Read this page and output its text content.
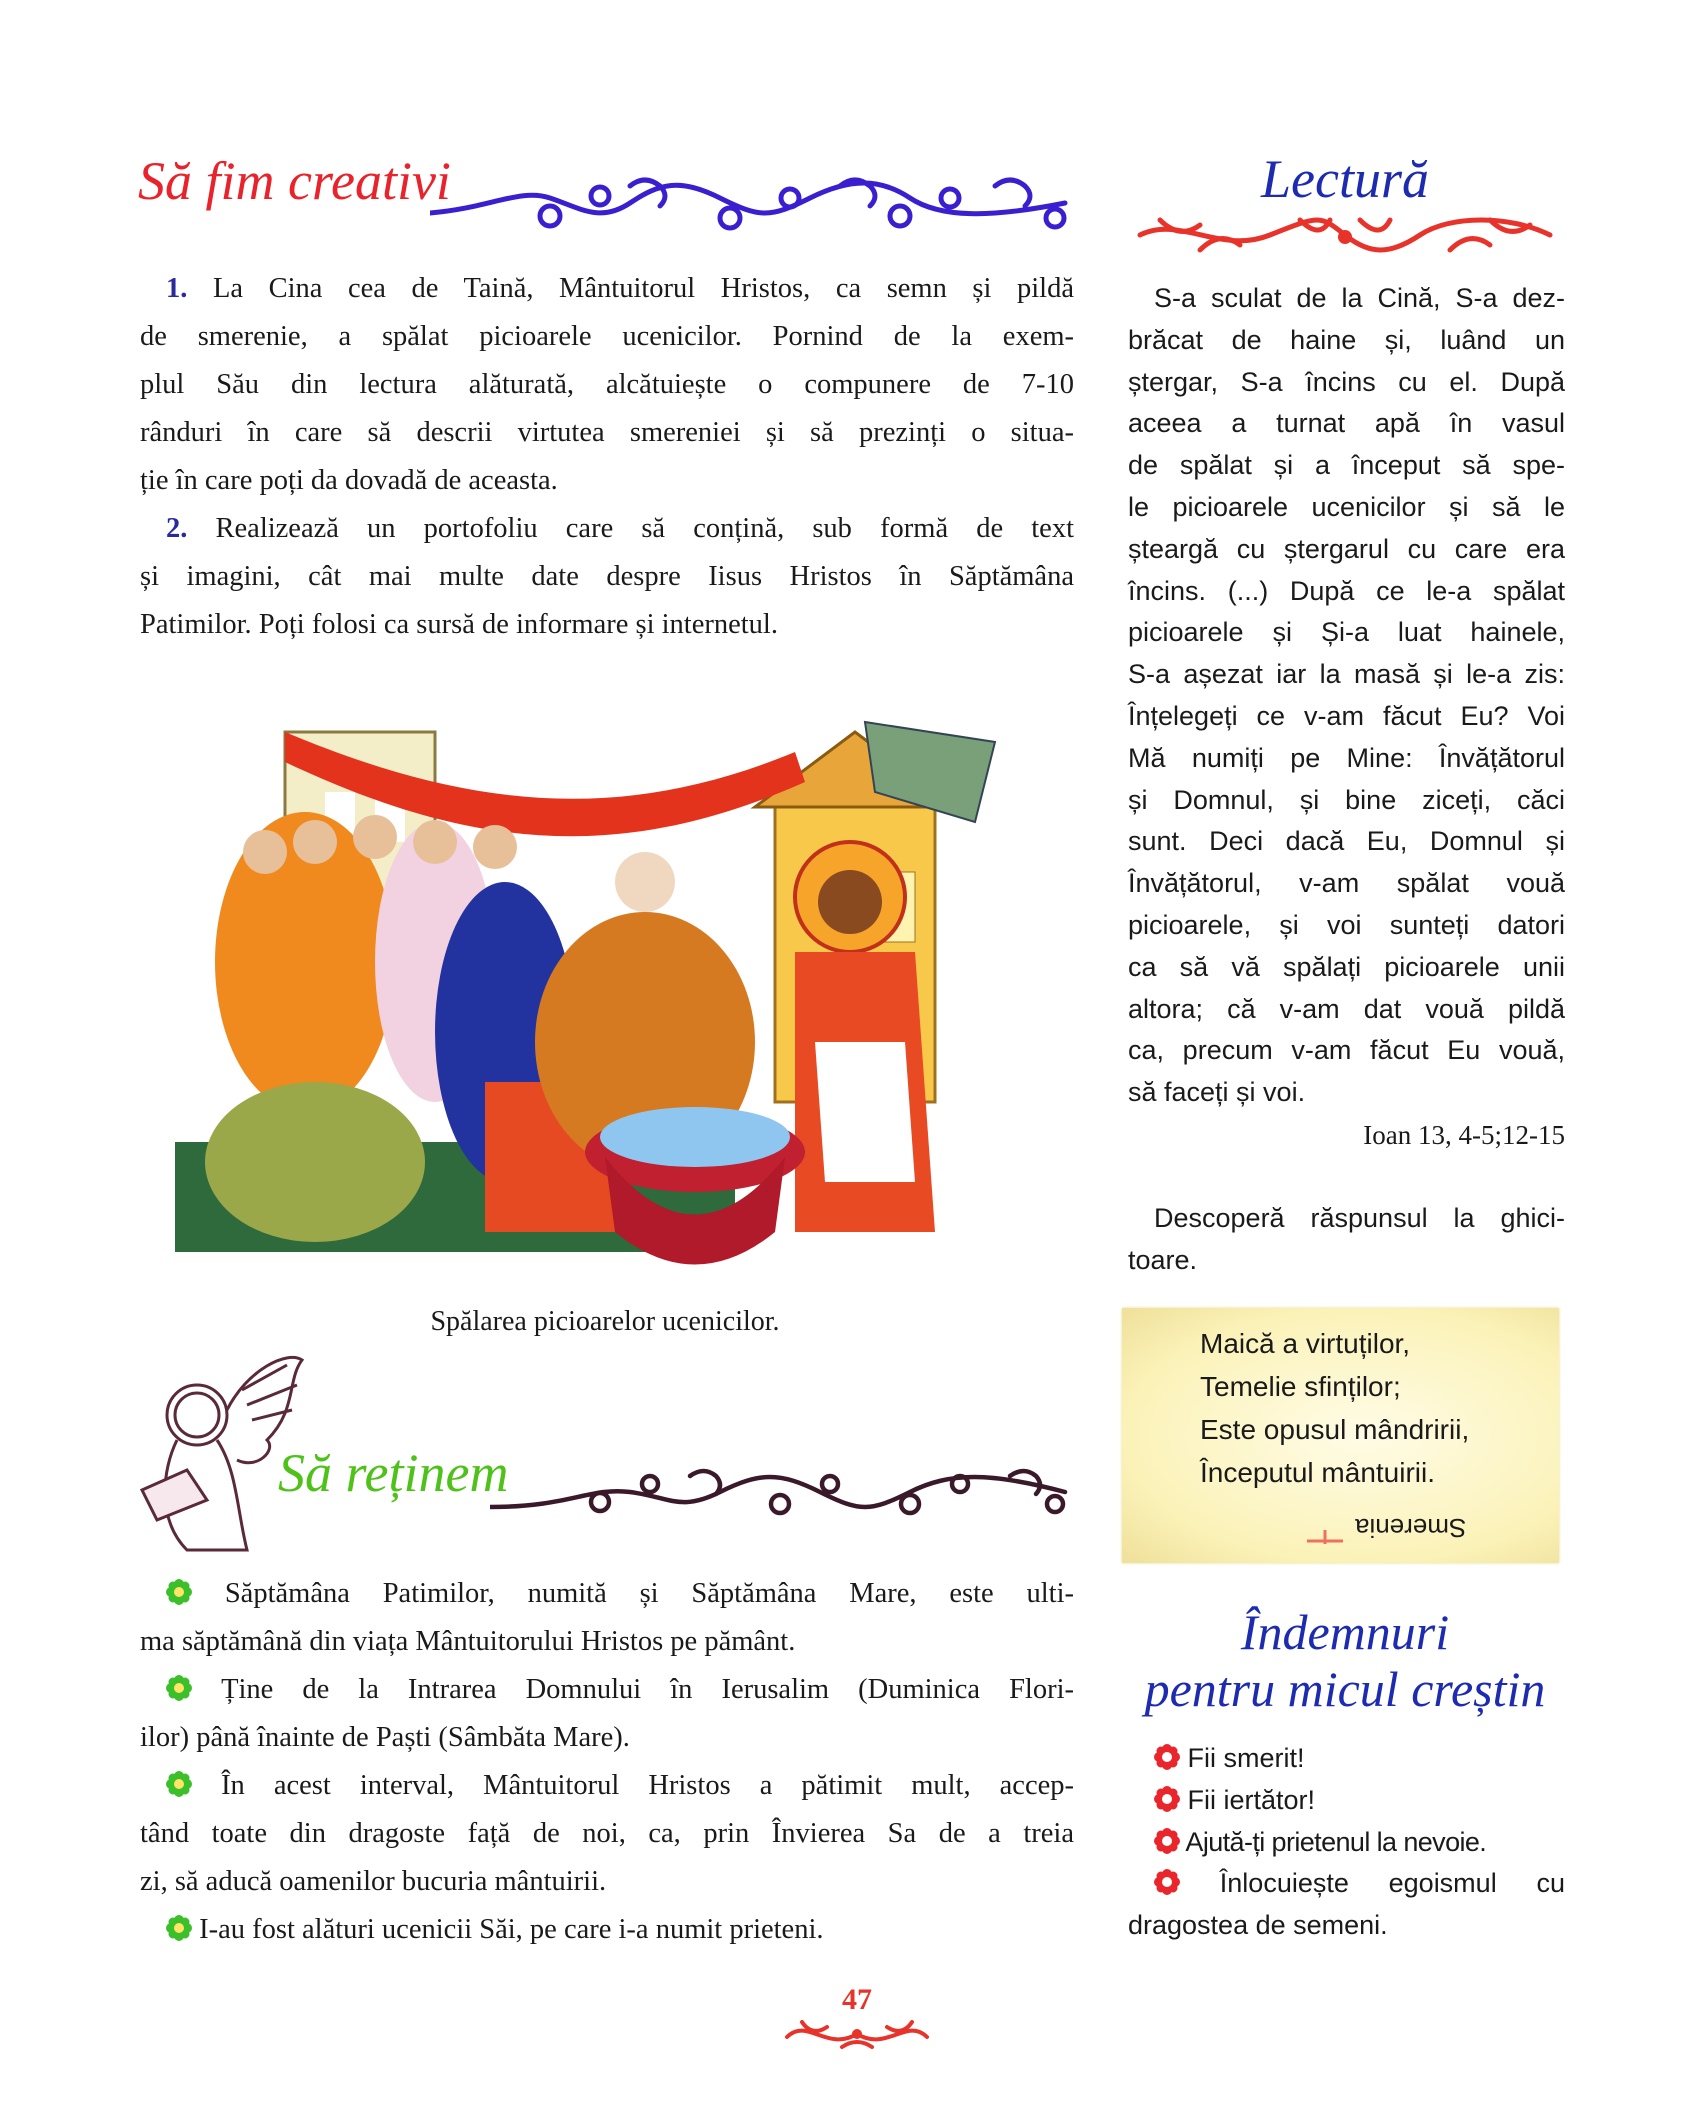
Să fim creativi
1. La Cina cea de Taină, Mântuitorul Hristos, ca semn și pildă
de smerenie, a spălat picioarele ucenicilor. Pornind de la exem-
plul Său din lectura alăturată, alcătuiește o compunere de 7-10
rânduri în care să descrii virtutea smereniei și să prezinți o situa-
ție în care poți da dovadă de aceasta.
2. Realizează un portofoliu care să conțină, sub formă de text
și imagini, cât mai multe date despre Iisus Hristos în Săptămâna
Patimilor. Poți folosi ca sursă de informare și internetul.
Spălarea picioarelor ucenicilor.
Să reținem
Săptămâna Patimilor, numită și Săptămâna Mare, este ulti-
ma săptămână din viața Mântuitorului Hristos pe pământ.
Ține de la Intrarea Domnului în Ierusalim (Duminica Flori-
ilor) până înainte de Paști (Sâmbăta Mare).
În acest interval, Mântuitorul Hristos a pătimit mult, accep-
tând toate din dragoste față de noi, ca, prin Învierea Sa de a treia
zi, să aducă oamenilor bucuria mântuirii.
I-au fost alături ucenicii Săi, pe care i-a numit prieteni.
Lectură
S-a sculat de la Cină, S-a dez-
brăcat de haine și, luând un
ștergar, S-a încins cu el. După
aceea a turnat apă în vasul
de spălat și a început să spe-
le picioarele ucenicilor și să le
șteargă cu ștergarul cu care era
încins. (...) După ce le-a spălat
picioarele și Și-a luat hainele,
S-a așezat iar la masă și le-a zis:
Înțelegeți ce v-am făcut Eu? Voi
Mă numiți pe Mine: Învățătorul
și Domnul, și bine ziceți, căci
sunt. Deci dacă Eu, Domnul și
Învățătorul, v-am spălat vouă
picioarele, și voi sunteți datori
ca să vă spălați picioarele unii
altora; că v-am dat vouă pildă
ca, precum v-am făcut Eu vouă,
să faceți și voi.
Ioan 13, 4-5;12-15
Descoperă răspunsul la ghici-
toare.
Maică a virtuților,
Temelie sfinților;
Este opusul mândririi,
Începutul mântuirii.
Smerenia
Îndemnuri
pentru micul creștin
Fii smerit!
Fii iertător!
Ajută-ți prietenul la nevoie.
Înlocuiește egoismul cu
dragostea de semeni.
47
